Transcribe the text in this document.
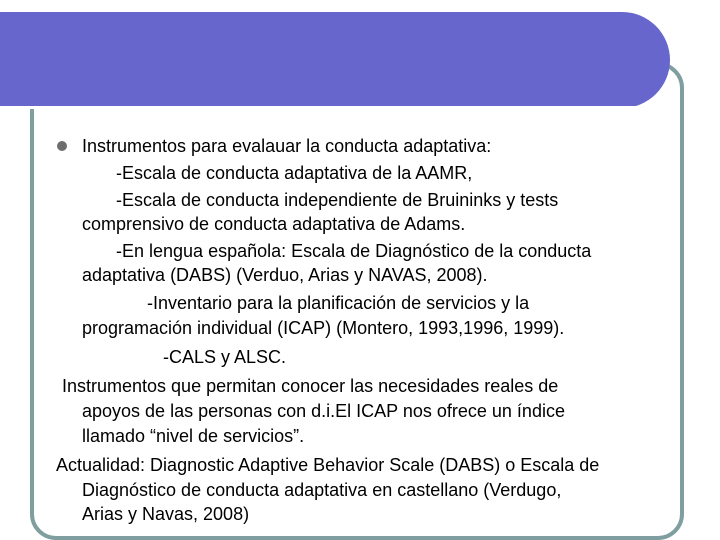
Instrumentos para evalauar la conducta adaptativa:
-Escala de conducta adaptativa de la AAMR,
-Escala de conducta independiente de Bruininks y tests
comprensivo de conducta adaptativa de Adams.
-En lengua española: Escala de Diagnóstico de la conducta
adaptativa (DABS) (Verduo, Arias y NAVAS, 2008).
-Inventario para la planificación de servicios y la
programación individual (ICAP) (Montero, 1993,1996, 1999).
-CALS y ALSC.
Instrumentos que permitan conocer las necesidades reales de
apoyos de las personas con d.i.El ICAP nos ofrece un índice
llamado “nivel de servicios”.
Actualidad: Diagnostic Adaptive Behavior Scale (DABS) o Escala de
Diagnóstico de conducta adaptativa en castellano (Verdugo,
Arias y Navas, 2008)
